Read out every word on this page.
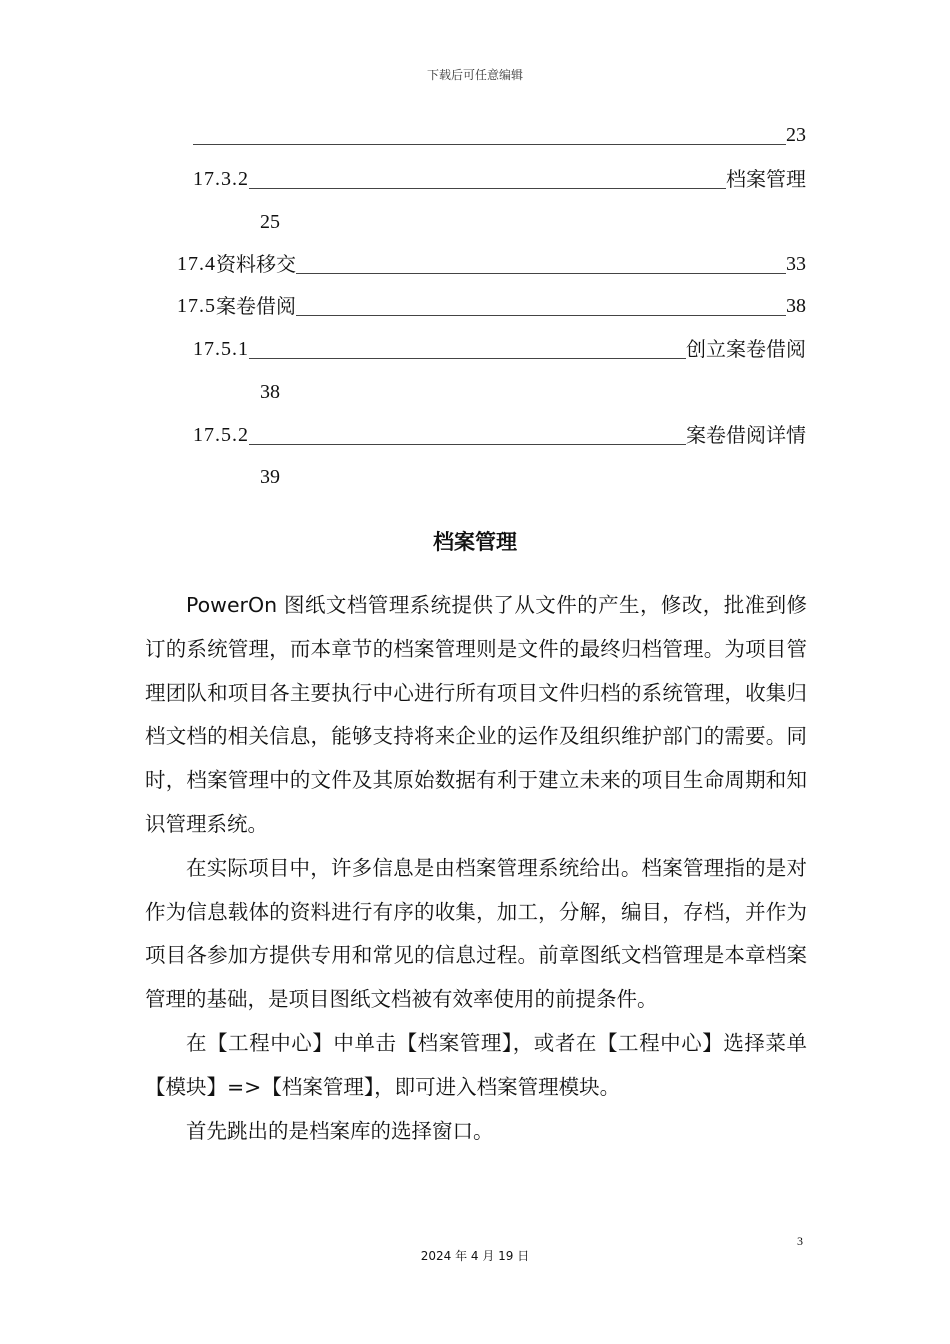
下载后可任意编辑
23
17.3.2	档案管理
25
17.4 资料移交	33
17.5 案卷借阅	38
17.5.1	创立案卷借阅
38
17.5.2	案卷借阅详情
39
档案管理

PowerOn 图纸文档管理系统提供了从文件的产生，修改，批准到修订的系统管理，而本章节的档案管理则是文件的最终归档管理。为项目管理团队和项目各主要执行中心进行所有项目文件归档的系统管理，收集归档文档的相关信息，能够支持将来企业的运作及组织维护部门的需要。同时，档案管理中的文件及其原始数据有利于建立未来的项目生命周期和知识管理系统。

在实际项目中，许多信息是由档案管理系统给出。档案管理指的是对作为信息载体的资料进行有序的收集，加工，分解，编目，存档，并作为项目各参加方提供专用和常见的信息过程。前章图纸文档管理是本章档案管理的基础，是项目图纸文档被有效率使用的前提条件。

在【工程中心】中单击【档案管理】，或者在【工程中心】选择菜单【模块】=>【档案管理】，即可进入档案管理模块。

首先跳出的是档案库的选择窗口。

3
2024 年 4 月 19 日
